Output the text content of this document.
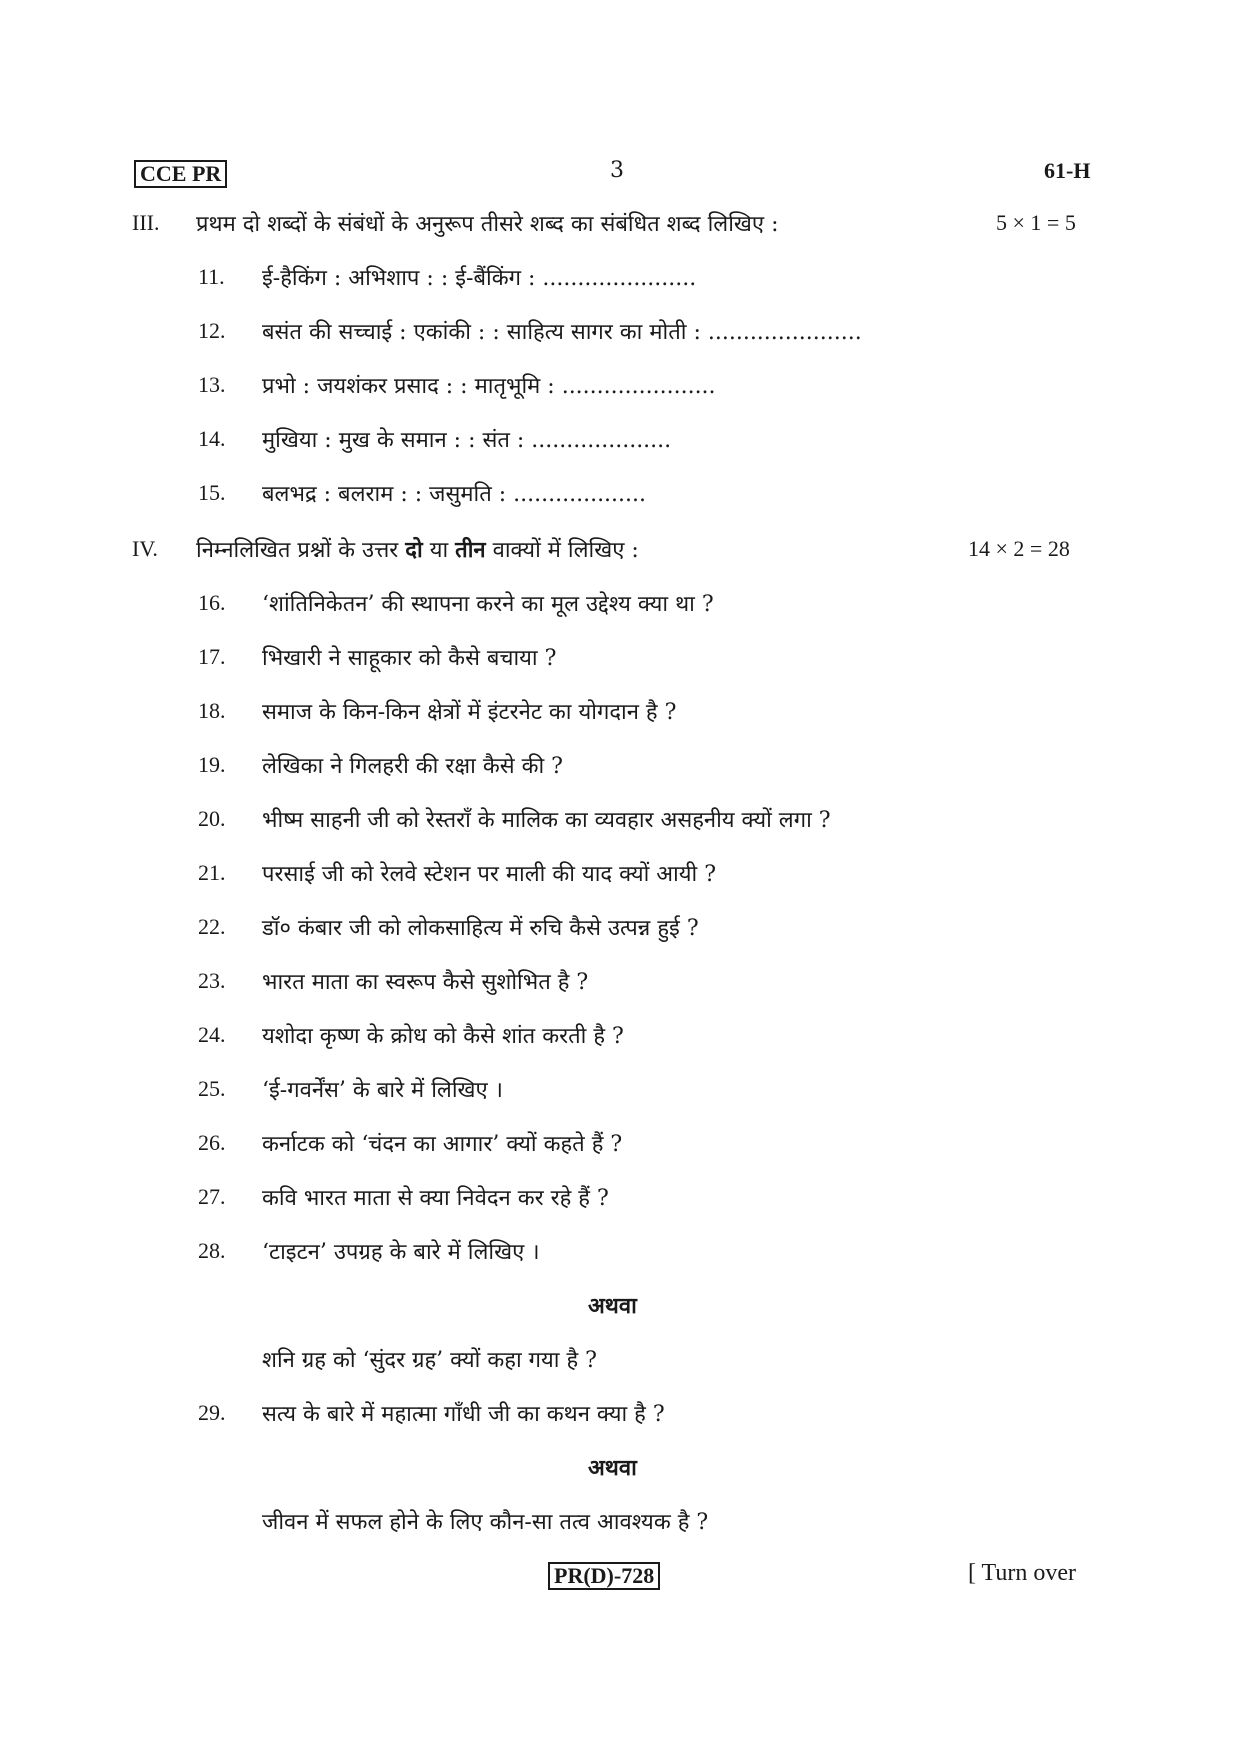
CCE PR	3	61-H
III. प्रथम दो शब्दों के संबंधों के अनुरूप तीसरे शब्द का संबंधित शब्द लिखिए :	5 × 1 = 5
11. ई-हैकिंग : अभिशाप : : ई-बैंकिंग : ......................
12. बसंत की सच्चाई : एकांकी : : साहित्य सागर का मोती : ......................
13. प्रभो : जयशंकर प्रसाद : : मातृभूमि : ......................
14. मुखिया : मुख के समान : : संत : ....................
15. बलभद्र : बलराम : : जसुमति : ...................
IV. निम्नलिखित प्रश्नों के उत्तर दो या तीन वाक्यों में लिखिए :	14 × 2 = 28
16. ‘शांतिनिकेतन’ की स्थापना करने का मूल उद्देश्य क्या था ?
17. भिखारी ने साहूकार को कैसे बचाया ?
18. समाज के किन-किन क्षेत्रों में इंटरनेट का योगदान है ?
19. लेखिका ने गिलहरी की रक्षा कैसे की ?
20. भीष्म साहनी जी को रेस्तराँ के मालिक का व्यवहार असहनीय क्यों लगा ?
21. परसाई जी को रेलवे स्टेशन पर माली की याद क्यों आयी ?
22. डॉ० कंबार जी को लोकसाहित्य में रुचि कैसे उत्पन्न हुई ?
23. भारत माता का स्वरूप कैसे सुशोभित है ?
24. यशोदा कृष्ण के क्रोध को कैसे शांत करती है ?
25. ‘ई-गवर्नेंस’ के बारे में लिखिए ।
26. कर्नाटक को ‘चंदन का आगार’ क्यों कहते हैं ?
27. कवि भारत माता से क्या निवेदन कर रहे हैं ?
28. ‘टाइटन’ उपग्रह के बारे में लिखिए ।
अथवा
शनि ग्रह को ‘सुंदर ग्रह’ क्यों कहा गया है ?
29. सत्य के बारे में महात्मा गाँधी जी का कथन क्या है ?
अथवा
जीवन में सफल होने के लिए कौन-सा तत्व आवश्यक है ?
PR(D)-728	[ Turn over
